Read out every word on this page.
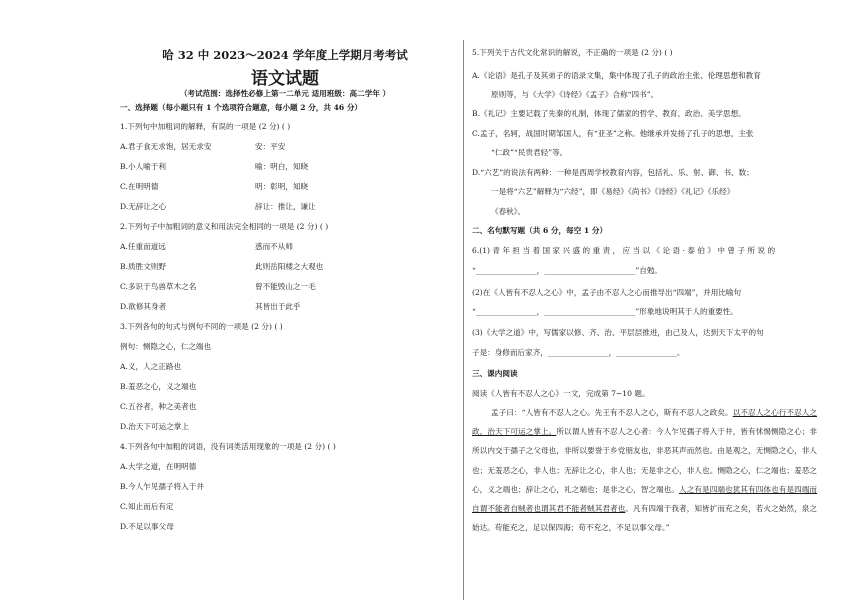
哈 32 中 2023～2024 学年度上学期月考考试
语文试题
（考试范围：选择性必修上第一二单元 适用班级：高二学年 ）
一、选择题（每小题只有 1 个选项符合题意，每小题 2 分，共 46 分）
1.下列句中加粗词的解释，有误的一项是 (2 分) ( )
A.君子食无求饱，居无求安	安：平安
B.小人喻于利	喻：明白，知晓
C.在明明德	明：彰明，知晓
D.无辞让之心	辞让：推让，谦让
2.下列句子中加粗词的意义和用法完全相同的一项是 (2 分) ( )
A.任重而道远	惑而不从师
B.质胜文则野	此则岳阳楼之大观也
C.多识于鸟兽草木之名	曾不能毁山之一毛
D.欲修其身者	其皆出于此乎
3.下列各句的句式与例句不同的一项是 (2 分) ( )
例句：恻隐之心，仁之端也
A.义，人之正路也
B.羞恶之心，义之端也
C.五谷者，种之美者也
D.治天下可运之掌上
4.下列各句中加粗的词语，没有词类活用现象的一项是 (2 分) ( )
A.大学之道，在明明德
B.今人乍见孺子将入于井
C.知止而后有定
D.不足以事父母
5.下列关于古代文化常识的解说，不正确的一项是 (2 分) ( )
A.《论语》是孔子及其弟子的语录文集，集中体现了孔子的政治主张、伦理思想和教育
原则等，与《大学》《诗经》《孟子》合称“四书”。
B.《礼记》主要记载了先秦的礼制，体现了儒家的哲学、教育、政治、美学思想。
C.孟子，名轲，战国时期邹国人，有“亚圣”之称。他继承并发扬了孔子的思想，主张
“仁政”“民贵君轻”等。
D.“六艺”的说法有两种：一种是西周学校教育内容，包括礼、乐、射、御、书、数；
一是将“六艺”解释为“六经”，即《易经》《尚书》《诗经》《礼记》《乐经》
《春秋》。
二、名句默写题（共 6 分，每空 1 分）
6.(1) 青 年 担 当 着 国 家 兴 盛 的 重 责 ， 应 当 以 《 论 语 · 泰 伯 》 中 曾 子 所 说 的
“________________，________________________”自勉。
(2)在《人皆有不忍人之心》中，孟子由不忍人之心而推导出“四端”，并用比喻句
“________________，________________________”形象地说明其于人的重要性。
(3)《大学之道》中，写儒家以修、齐、治、平层层推进，由己及人，达到天下太平的句
子是：身修而后家齐，________________，________________。
三、课内阅读
阅读《人皆有不忍人之心》一文，完成第 7~10 题。
孟子曰：“人皆有不忍人之心。先王有不忍人之心，斯有不忍人之政矣。以不忍人之心行不忍人之政，治天下可运之掌上。所以谓人皆有不忍人之心者：今人乍见孺子将入于井，皆有怵惕恻隐之心；非所以内交于孺子之父母也，非所以要誉于乡党朋友也，非恶其声而然也。由是观之，无恻隐之心，非人也；无羞恶之心，非人也；无辞让之心，非人也；无是非之心，非人也。恻隐之心，仁之端也；羞恶之心，义之端也；辞让之心，礼之端也；是非之心，智之端也。人之有是四端也犹其有四体也有是四端而自谓不能者自贼者也谓其君不能者贼其君者也。凡有四端于我者，知皆扩而充之矣，若火之始然，泉之始达。苟能充之，足以保四海；苟不充之，不足以事父母。”
